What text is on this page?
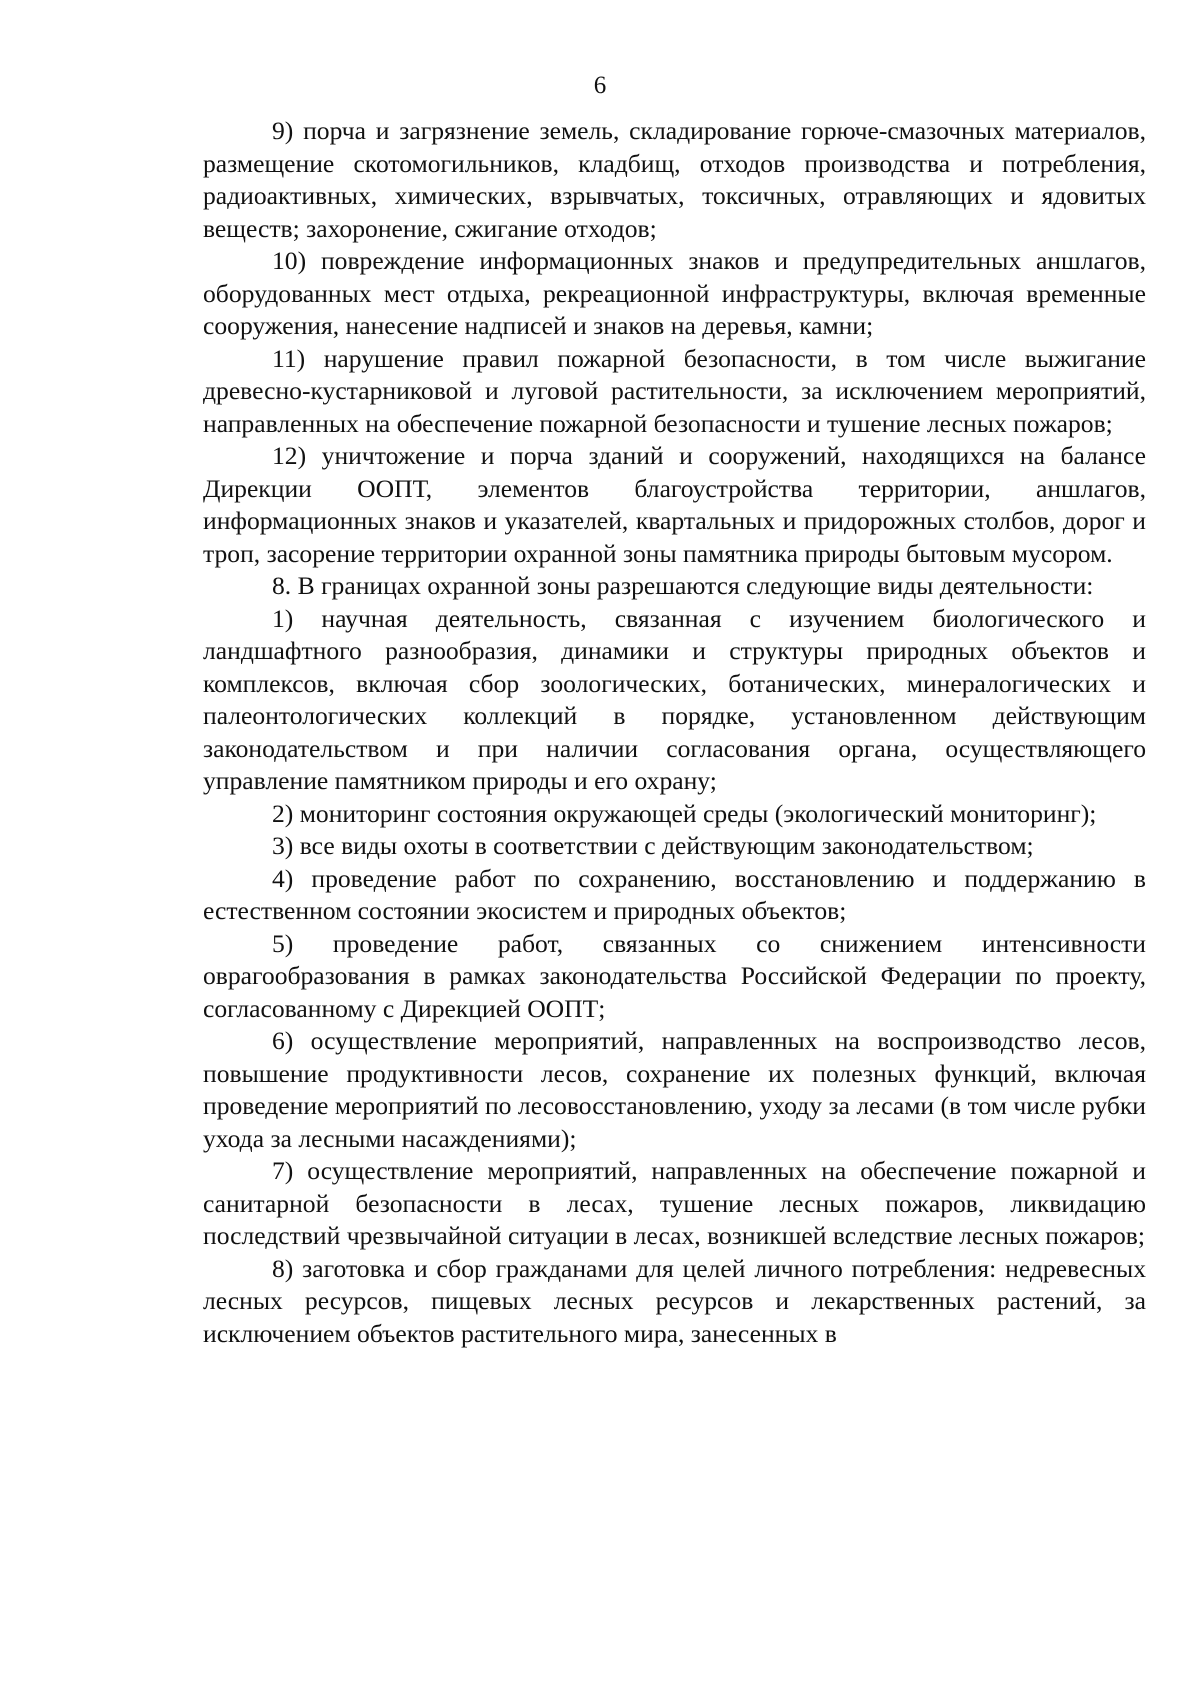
6

9) порча и загрязнение земель, складирование горюче-смазочных материалов, размещение скотомогильников, кладбищ, отходов производства и потребления, радиоактивных, химических, взрывчатых, токсичных, отравляющих и ядовитых веществ; захоронение, сжигание отходов;

10) повреждение информационных знаков и предупредительных аншлагов, оборудованных мест отдыха, рекреационной инфраструктуры, включая временные сооружения, нанесение надписей и знаков на деревья, камни;

11) нарушение правил пожарной безопасности, в том числе выжигание древесно-кустарниковой и луговой растительности, за исключением мероприятий, направленных на обеспечение пожарной безопасности и тушение лесных пожаров;

12) уничтожение и порча зданий и сооружений, находящихся на балансе Дирекции ООПТ, элементов благоустройства территории, аншлагов, информационных знаков и указателей, квартальных и придорожных столбов, дорог и троп, засорение территории охранной зоны памятника природы бытовым мусором.

8. В границах охранной зоны разрешаются следующие виды деятельности:

1) научная деятельность, связанная с изучением биологического и ландшафтного разнообразия, динамики и структуры природных объектов и комплексов, включая сбор зоологических, ботанических, минералогических и палеонтологических коллекций в порядке, установленном действующим законодательством и при наличии согласования органа, осуществляющего управление памятником природы и его охрану;

2) мониторинг состояния окружающей среды (экологический мониторинг);

3) все виды охоты в соответствии с действующим законодательством;

4) проведение работ по сохранению, восстановлению и поддержанию в естественном состоянии экосистем и природных объектов;

5) проведение работ, связанных со снижением интенсивности оврагообразования в рамках законодательства Российской Федерации по проекту, согласованному с Дирекцией ООПТ;

6) осуществление мероприятий, направленных на воспроизводство лесов, повышение продуктивности лесов, сохранение их полезных функций, включая проведение мероприятий по лесовосстановлению, уходу за лесами (в том числе рубки ухода за лесными насаждениями);

7) осуществление мероприятий, направленных на обеспечение пожарной и санитарной безопасности в лесах, тушение лесных пожаров, ликвидацию последствий чрезвычайной ситуации в лесах, возникшей вследствие лесных пожаров;

8) заготовка и сбор гражданами для целей личного потребления: недревесных лесных ресурсов, пищевых лесных ресурсов и лекарственных растений, за исключением объектов растительного мира, занесенных в
